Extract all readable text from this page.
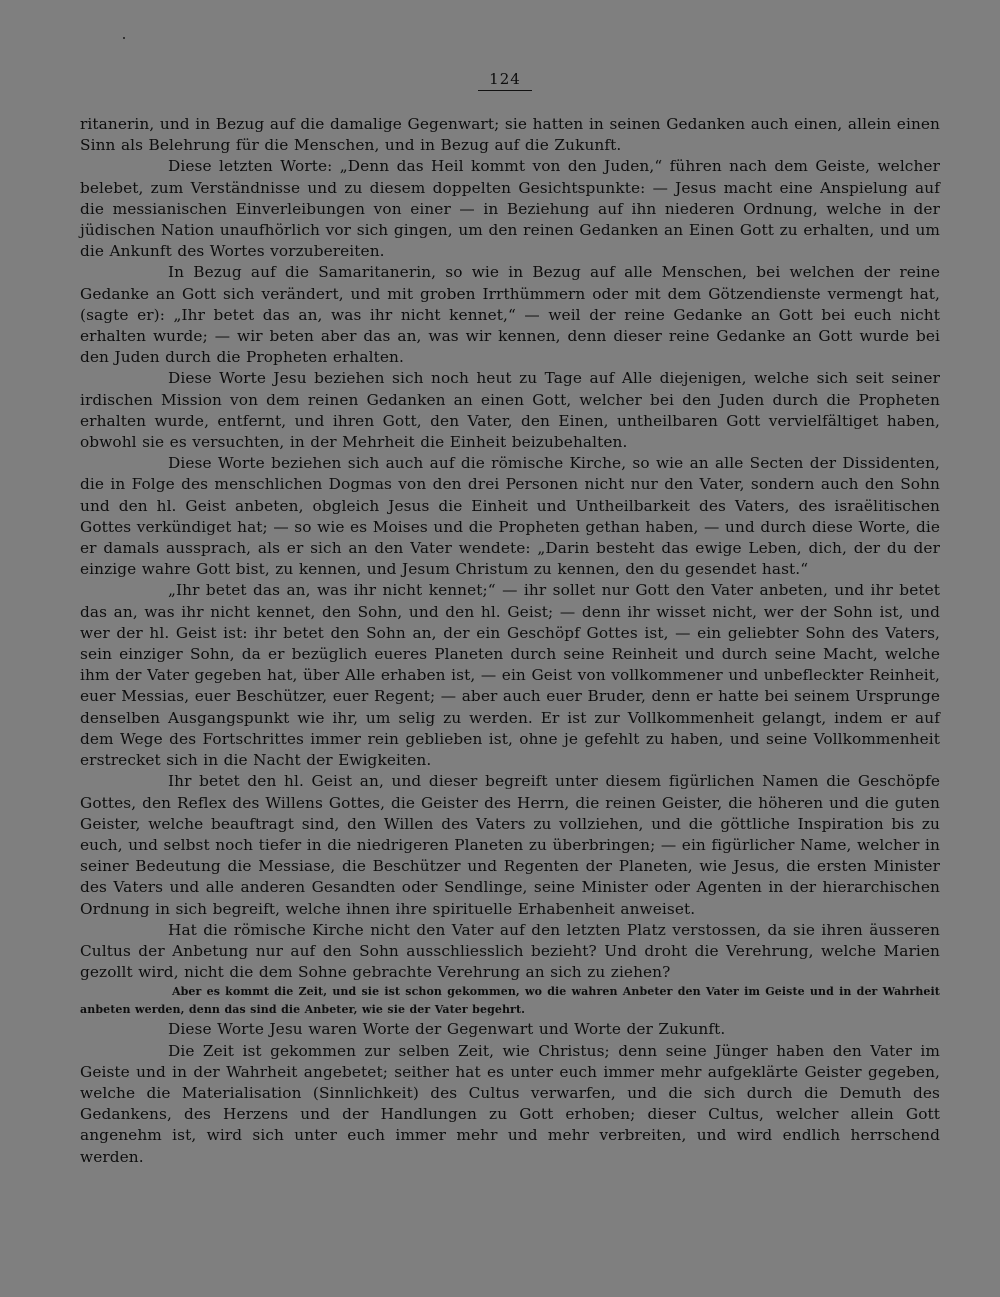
124

ritanerin, und in Bezug auf die damalige Gegenwart; sie hatten in seinen Gedanken auch einen, allein einen Sinn als Belehrung für die Menschen, und in Bezug auf die Zukunft.

Diese letzten Worte: „Denn das Heil kommt von den Juden,“ führen nach dem Geiste, welcher belebet, zum Verständnisse und zu diesem doppelten Gesichtspunkte: — Jesus macht eine Anspielung auf die messianischen Einverleibungen von einer — in Beziehung auf ihn niederen Ordnung, welche in der jüdischen Nation unaufhörlich vor sich gingen, um den reinen Gedanken an Einen Gott zu erhalten, und um die Ankunft des Wortes vorzubereiten.

In Bezug auf die Samaritanerin, so wie in Bezug auf alle Menschen, bei welchen der reine Gedanke an Gott sich verändert, und mit groben Irrthümmern oder mit dem Götzendienste vermengt hat, (sagte er): „Ihr betet das an, was ihr nicht kennet,“ — weil der reine Gedanke an Gott bei euch nicht erhalten wurde; — wir beten aber das an, was wir kennen, denn dieser reine Gedanke an Gott wurde bei den Juden durch die Propheten erhalten.

Diese Worte Jesu beziehen sich noch heut zu Tage auf Alle diejenigen, welche sich seit seiner irdischen Mission von dem reinen Gedanken an einen Gott, welcher bei den Juden durch die Propheten erhalten wurde, entfernt, und ihren Gott, den Vater, den Einen, untheilbaren Gott vervielfältiget haben, obwohl sie es versuchten, in der Mehrheit die Einheit beizubehalten.

Diese Worte beziehen sich auch auf die römische Kirche, so wie an alle Secten der Dissidenten, die in Folge des menschlichen Dogmas von den drei Personen nicht nur den Vater, sondern auch den Sohn und den hl. Geist anbeten, obgleich Jesus die Einheit und Untheilbarkeit des Vaters, des israëlitischen Gottes verkündiget hat; — so wie es Moises und die Propheten gethan haben, — und durch diese Worte, die er damals aussprach, als er sich an den Vater wendete: „Darin besteht das ewige Leben, dich, der du der einzige wahre Gott bist, zu kennen, und Jesum Christum zu kennen, den du gesendet hast.“

„Ihr betet das an, was ihr nicht kennet;“ — ihr sollet nur Gott den Vater anbeten, und ihr betet das an, was ihr nicht kennet, den Sohn, und den hl. Geist; — denn ihr wisset nicht, wer der Sohn ist, und wer der hl. Geist ist: ihr betet den Sohn an, der ein Geschöpf Gottes ist, — ein geliebter Sohn des Vaters, sein einziger Sohn, da er bezüglich eueres Planeten durch seine Reinheit und durch seine Macht, welche ihm der Vater gegeben hat, über Alle erhaben ist, — ein Geist von vollkommener und unbefleckter Reinheit, euer Messias, euer Beschützer, euer Regent; — aber auch euer Bruder, denn er hatte bei seinem Ursprunge denselben Ausgangspunkt wie ihr, um selig zu werden. Er ist zur Vollkommenheit gelangt, indem er auf dem Wege des Fortschrittes immer rein geblieben ist, ohne je gefehlt zu haben, und seine Vollkommenheit erstrecket sich in die Nacht der Ewigkeiten.

Ihr betet den hl. Geist an, und dieser begreift unter diesem figürlichen Namen die Geschöpfe Gottes, den Reflex des Willens Gottes, die Geister des Herrn, die reinen Geister, die höheren und die guten Geister, welche beauftragt sind, den Willen des Vaters zu vollziehen, und die göttliche Inspiration bis zu euch, und selbst noch tiefer in die niedrigeren Planeten zu überbringen; — ein figürlicher Name, welcher in seiner Bedeutung die Messiase, die Beschützer und Regenten der Planeten, wie Jesus, die ersten Minister des Vaters und alle anderen Gesandten oder Sendlinge, seine Minister oder Agenten in der hierarchischen Ordnung in sich begreift, welche ihnen ihre spirituelle Erhabenheit anweiset.

Hat die römische Kirche nicht den Vater auf den letzten Platz verstossen, da sie ihren äusseren Cultus der Anbetung nur auf den Sohn ausschliesslich bezieht? Und droht die Verehrung, welche Marien gezollt wird, nicht die dem Sohne gebrachte Verehrung an sich zu ziehen?

Aber es kommt die Zeit, und sie ist schon gekommen, wo die wahren Anbeter den Vater im Geiste und in der Wahrheit anbeten werden, denn das sind die Anbeter, wie sie der Vater begehrt.

Diese Worte Jesu waren Worte der Gegenwart und Worte der Zukunft.

Die Zeit ist gekommen zur selben Zeit, wie Christus; denn seine Jünger haben den Vater im Geiste und in der Wahrheit angebetet; seither hat es unter euch immer mehr aufgeklärte Geister gegeben, welche die Materialisation (Sinnlichkeit) des Cultus verwarfen, und die sich durch die Demuth des Gedankens, des Herzens und der Handlungen zu Gott erhoben; dieser Cultus, welcher allein Gott angenehm ist, wird sich unter euch immer mehr und mehr verbreiten, und wird endlich herrschend werden.
